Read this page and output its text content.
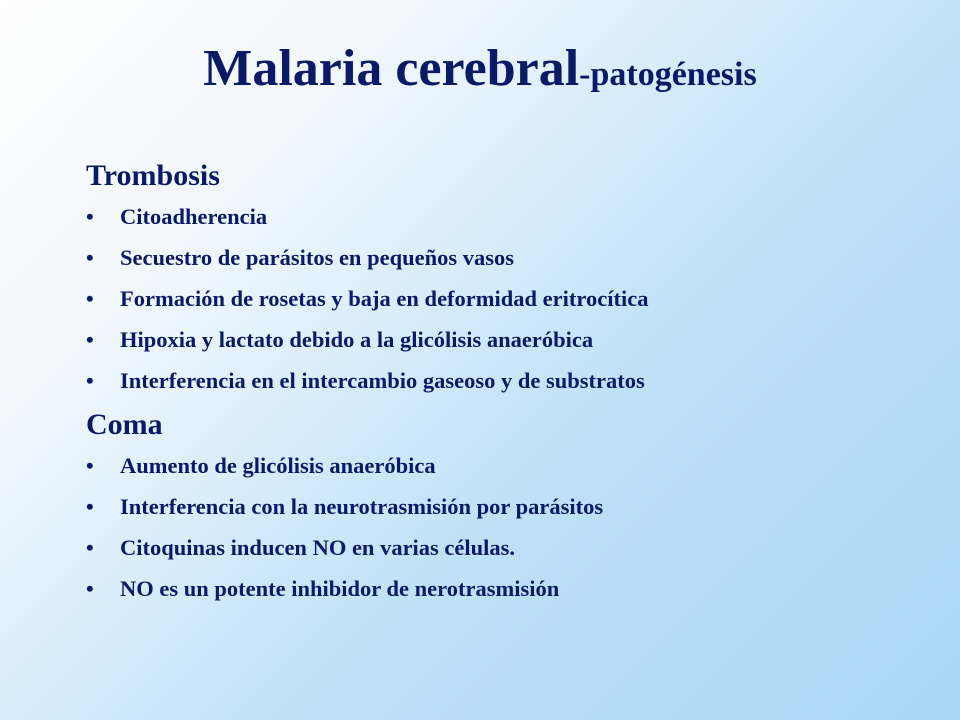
Malaria cerebral-patogénesis
Trombosis
• Citoadherencia
• Secuestro de parásitos en pequeños vasos
• Formación de rosetas y baja en deformidad eritrocítica
• Hipoxia y lactato debido a la glicólisis anaeróbica
• Interferencia en el intercambio gaseoso y de substratos
Coma
• Aumento de glicólisis anaeróbica
• Interferencia con la neurotrasmisión por parásitos
• Citoquinas inducen NO en varias células.
• NO es un potente inhibidor de nerotrasmisión
